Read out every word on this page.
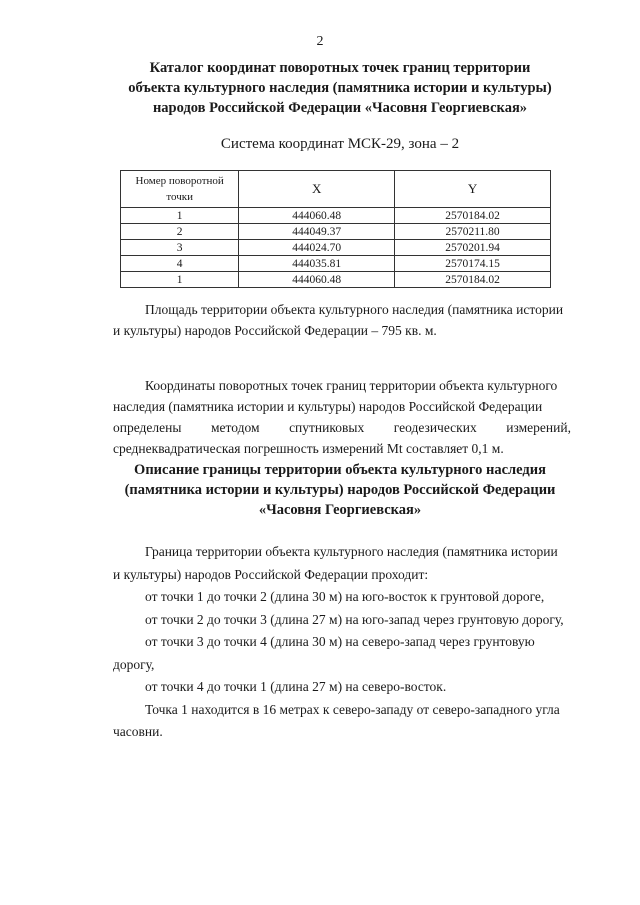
2
Каталог координат поворотных точек границ территории
объекта культурного наследия (памятника истории и культуры)
народов Российской Федерации «Часовня Георгиевская»
Система координат МСК-29, зона – 2
Номер поворотной
точки	X	Y
1	444060.48	2570184.02
2	444049.37	2570211.80
3	444024.70	2570201.94
4	444035.81	2570174.15
1	444060.48	2570184.02
Площадь территории объекта культурного наследия (памятника истории
и культуры) народов Российской Федерации – 795 кв. м.
Координаты поворотных точек границ территории объекта культурного
наследия (памятника истории и культуры) народов Российской Федерации
определены методом спутниковых геодезических измерений,
среднеквадратическая погрешность измерений Mt составляет 0,1 м.
Описание границы территории объекта культурного наследия
(памятника истории и культуры) народов Российской Федерации
«Часовня Георгиевская»
Граница территории объекта культурного наследия (памятника истории
и культуры) народов Российской Федерации проходит:
от точки 1 до точки 2 (длина 30 м) на юго-восток к грунтовой дороге,
от точки 2 до точки 3 (длина 27 м) на юго-запад через грунтовую дорогу,
от точки 3 до точки 4 (длина 30 м) на северо-запад через грунтовую
дорогу,
от точки 4 до точки 1 (длина 27 м) на северо-восток.
Точка 1 находится в 16 метрах к северо-западу от северо-западного угла
часовни.
